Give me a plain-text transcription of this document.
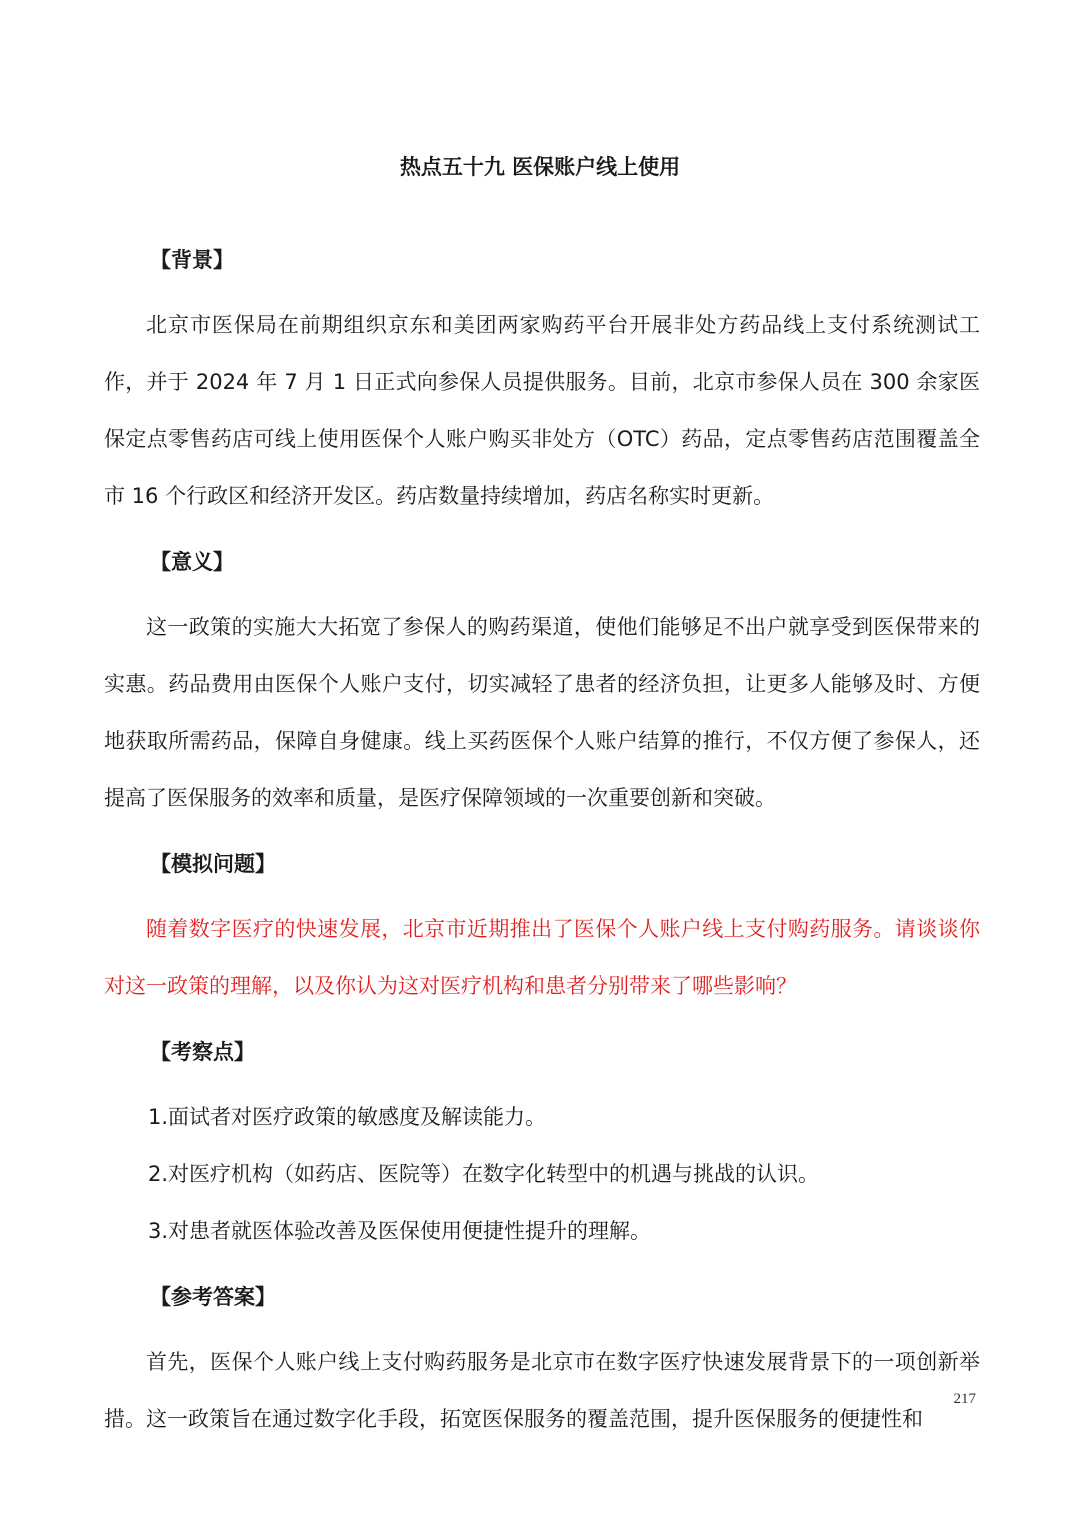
热点五十九 医保账户线上使用
【背景】

北京市医保局在前期组织京东和美团两家购药平台开展非处方药品线上支付系统测试工作，并于 2024 年 7 月 1 日正式向参保人员提供服务。目前，北京市参保人员在 300 余家医保定点零售药店可线上使用医保个人账户购买非处方（OTC）药品，定点零售药店范围覆盖全市 16 个行政区和经济开发区。药店数量持续增加，药店名称实时更新。

【意义】

这一政策的实施大大拓宽了参保人的购药渠道，使他们能够足不出户就享受到医保带来的实惠。药品费用由医保个人账户支付，切实减轻了患者的经济负担，让更多人能够及时、方便地获取所需药品，保障自身健康。线上买药医保个人账户结算的推行，不仅方便了参保人，还提高了医保服务的效率和质量，是医疗保障领域的一次重要创新和突破。

【模拟问题】

随着数字医疗的快速发展，北京市近期推出了医保个人账户线上支付购药服务。请谈谈你对这一政策的理解，以及你认为这对医疗机构和患者分别带来了哪些影响？

【考察点】

1.面试者对医疗政策的敏感度及解读能力。

2.对医疗机构（如药店、医院等）在数字化转型中的机遇与挑战的认识。

3.对患者就医体验改善及医保使用便捷性提升的理解。

【参考答案】

首先，医保个人账户线上支付购药服务是北京市在数字医疗快速发展背景下的一项创新举措。这一政策旨在通过数字化手段，拓宽医保服务的覆盖范围，提升医保服务的便捷性和

217
